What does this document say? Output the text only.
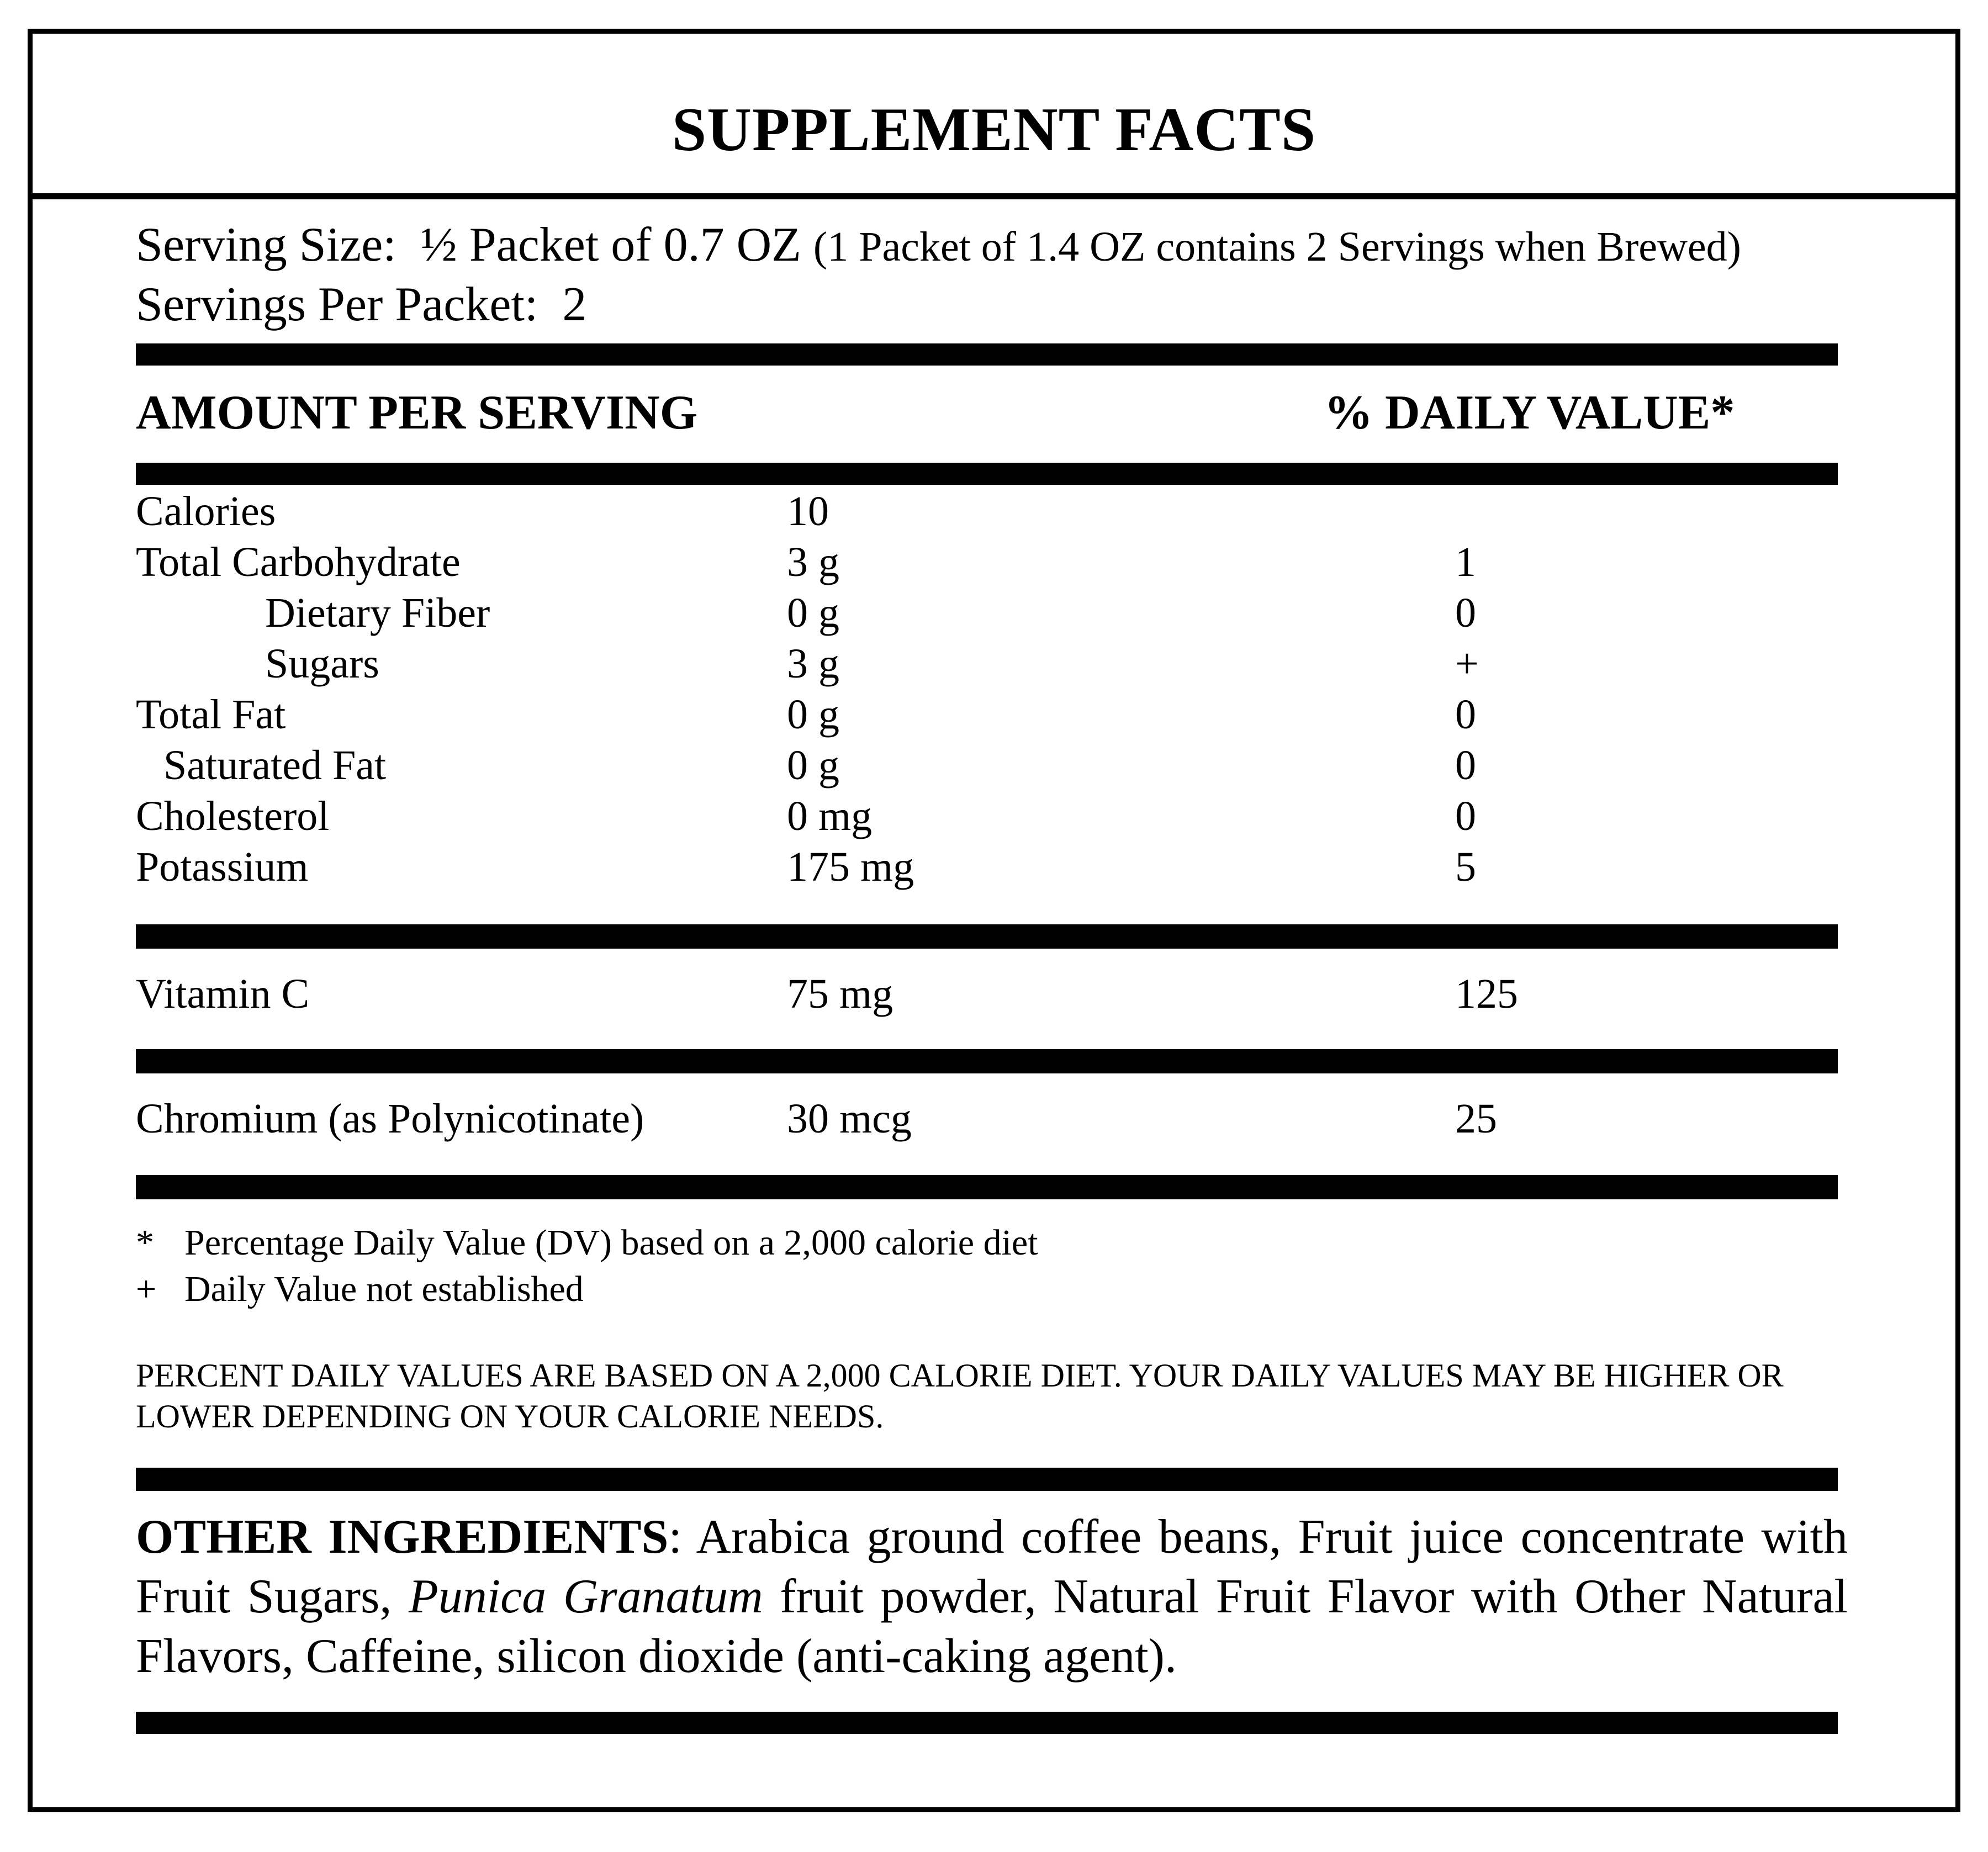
SUPPLEMENT FACTS
Serving Size: ½ Packet of 0.7 OZ (1 Packet of 1.4 OZ contains 2 Servings when Brewed)
Servings Per Packet: 2
AMOUNT PER SERVING	% DAILY VALUE*
Calories	10
Total Carbohydrate	3 g	1
Dietary Fiber	0 g	0
Sugars	3 g	+
Total Fat	0 g	0
Saturated Fat	0 g	0
Cholesterol	0 mg	0
Potassium	175 mg	5
Vitamin C	75 mg	125
Chromium (as Polynicotinate)	30 mcg	25
* Percentage Daily Value (DV) based on a 2,000 calorie diet
+ Daily Value not established
PERCENT DAILY VALUES ARE BASED ON A 2,000 CALORIE DIET. YOUR DAILY VALUES MAY BE HIGHER OR LOWER DEPENDING ON YOUR CALORIE NEEDS.
OTHER INGREDIENTS: Arabica ground coffee beans, Fruit juice concentrate with Fruit Sugars, Punica Granatum fruit powder, Natural Fruit Flavor with Other Natural Flavors, Caffeine, silicon dioxide (anti-caking agent).
